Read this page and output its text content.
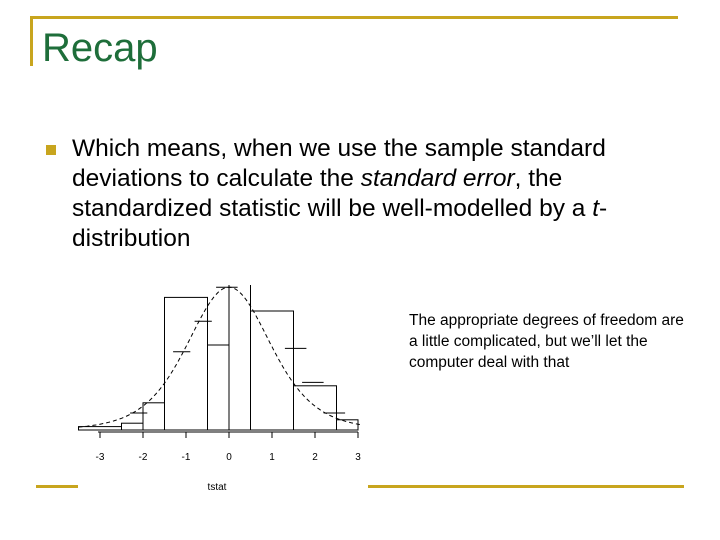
Recap
Which means, when we use the sample standard deviations to calculate the standard error, the standardized statistic will be well-modelled by a t-distribution
-3	-2	-1	0	1	2	3
tstat
The appropriate degrees of freedom are a little complicated, but we’ll let the computer deal with that
